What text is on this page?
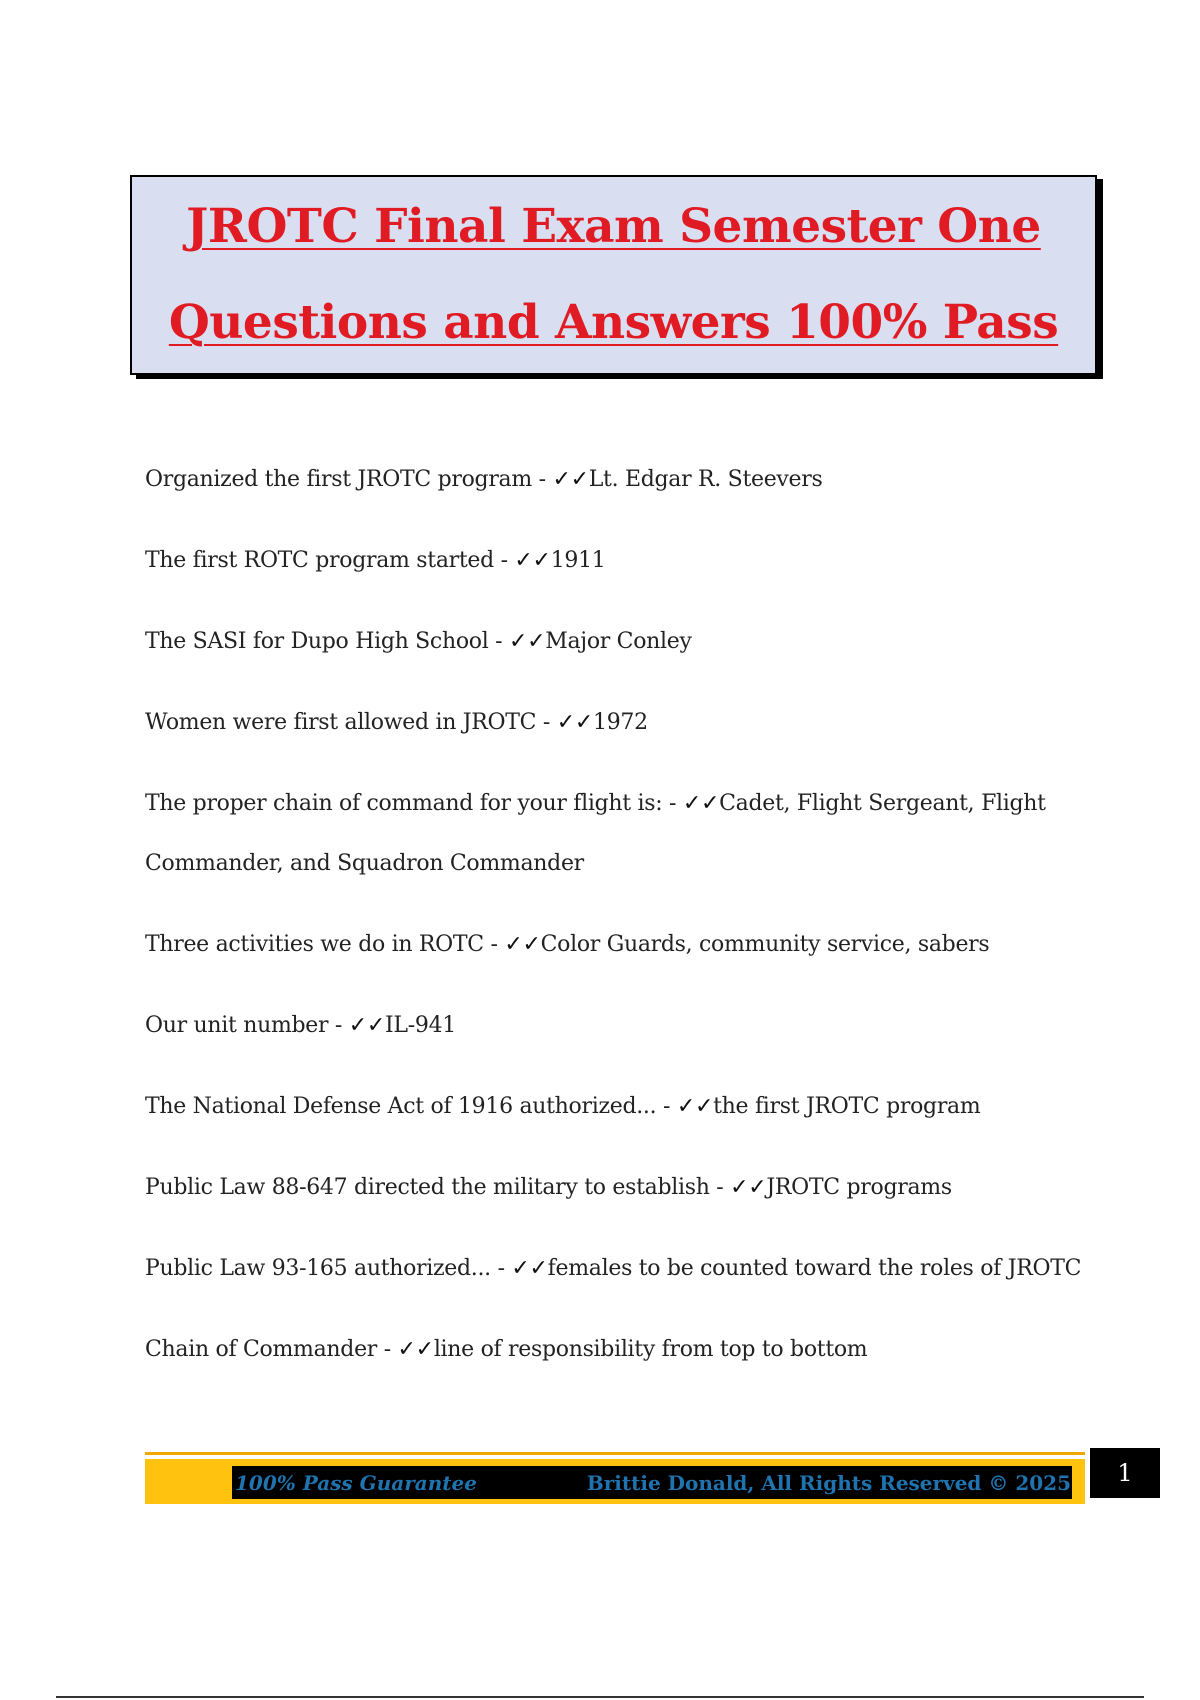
JROTC Final Exam Semester One
Questions and Answers 100% Pass
Organized the first JROTC program - ✓✓Lt. Edgar R. Steevers
The first ROTC program started - ✓✓1911
The SASI for Dupo High School - ✓✓Major Conley
Women were first allowed in JROTC - ✓✓1972
The proper chain of command for your flight is: - ✓✓Cadet, Flight Sergeant, Flight Commander, and Squadron Commander
Three activities we do in ROTC - ✓✓Color Guards, community service, sabers
Our unit number - ✓✓IL-941
The National Defense Act of 1916 authorized... - ✓✓the first JROTC program
Public Law 88-647 directed the military to establish - ✓✓JROTC programs
Public Law 93-165 authorized... - ✓✓females to be counted toward the roles of JROTC
Chain of Commander - ✓✓line of responsibility from top to bottom
100% Pass Guarantee	Brittie Donald, All Rights Reserved © 2025	1
